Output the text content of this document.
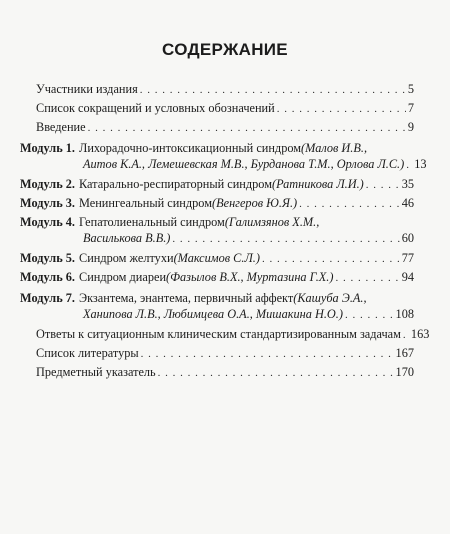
СОДЕРЖАНИЕ
Участники издания . . .	5
Список сокращений и условных обозначений . . .	7
Введение . . .	9
Модуль 1. Лихорадочно-интоксикационный синдром (Малов И.В.,
Аитов К.А., Лемешевская М.В., Бурданова Т.М., Орлова Л.С.) . . . 13
Модуль 2. Катарально-респираторный синдром (Ратникова Л.И.) . . .	35
Модуль 3. Менингеальный синдром (Венгеров Ю.Я.) . . .	46
Модуль 4. Гепатолиенальный синдром (Галимзянов Х.М.,
Василькова В.В.) . . .	60
Модуль 5. Синдром желтухи (Максимов С.Л.) . . .	77
Модуль 6. Синдром диареи (Фазылов В.Х., Муртазина Г.Х.) . . .	94
Модуль 7. Экзантема, энантема, первичный аффект (Кашуба Э.А.,
Ханипова Л.В., Любимцева О.А., Мишакина Н.О.) . . .	108
Ответы к ситуационным клиническим стандартизированным задачам . . . 163
Список литературы . . .	167
Предметный указатель . . .	170
